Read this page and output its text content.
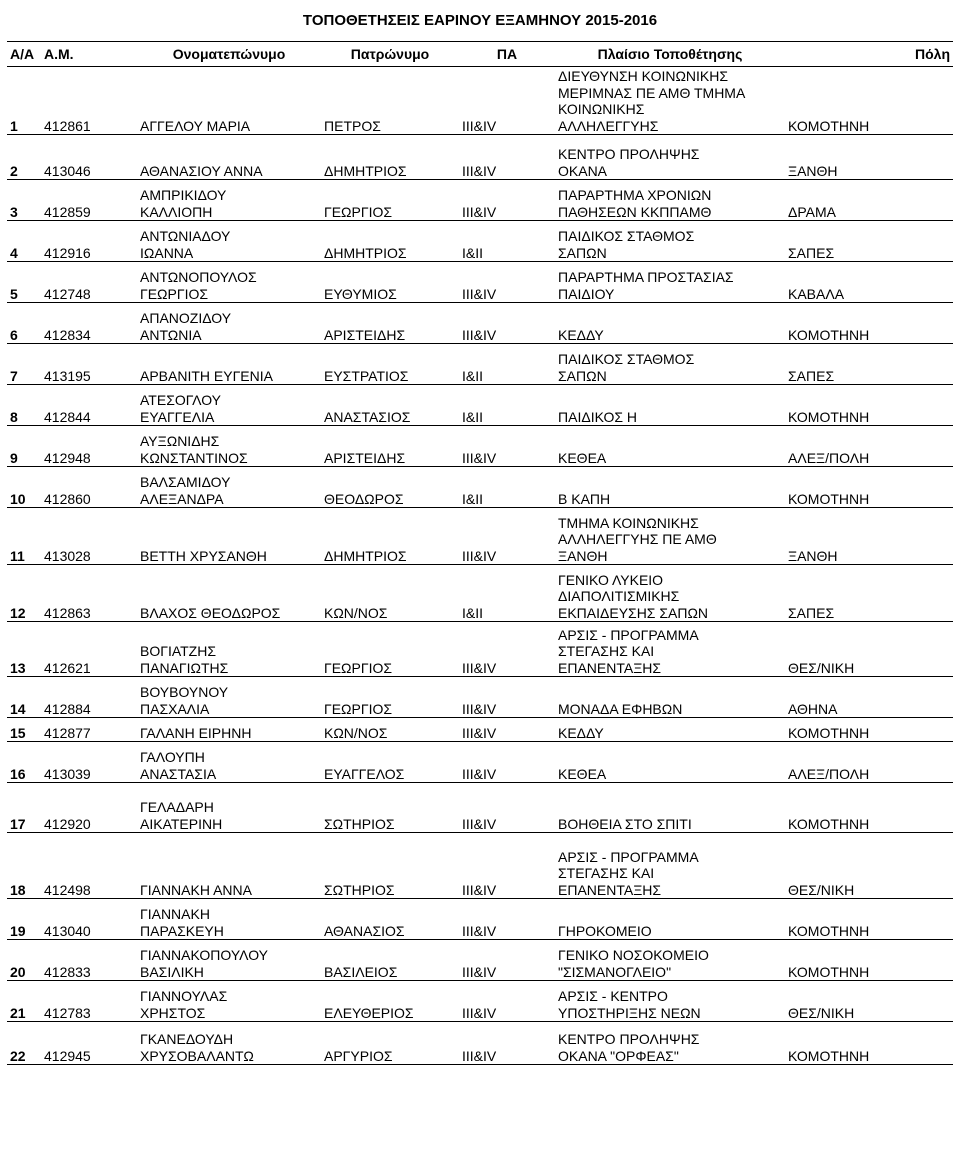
ΤΟΠΟΘΕΤΗΣΕΙΣ ΕΑΡΙΝΟΥ ΕΞΑΜΗΝΟΥ 2015-2016
Α/Α	Α.Μ.	Ονοματεπώνυμο	Πατρώνυμο	ΠΑ	Πλαίσιο Τοποθέτησης	Πόλη
1	412861	ΑΓΓΕΛΟΥ ΜΑΡΙΑ	ΠΕΤΡΟΣ	III&IV	ΔΙΕΥΘΥΝΣΗ ΚΟΙΝΩΝΙΚΗΣ
ΜΕΡΙΜΝΑΣ ΠΕ ΑΜΘ ΤΜΗΜΑ
ΚΟΙΝΩΝΙΚΗΣ
ΑΛΛΗΛΕΓΓΥΗΣ	ΚΟΜΟΤΗΝΗ
2	413046	ΑΘΑΝΑΣΙΟΥ ΑΝΝΑ	ΔΗΜΗΤΡΙΟΣ	III&IV	ΚΕΝΤΡΟ ΠΡΟΛΗΨΗΣ
ΟΚΑΝΑ	ΞΑΝΘΗ
3	412859	ΑΜΠΡΙΚΙΔΟΥ
ΚΑΛΛΙΟΠΗ	ΓΕΩΡΓΙΟΣ	III&IV	ΠΑΡΑΡΤΗΜΑ ΧΡΟΝΙΩΝ
ΠΑΘΗΣΕΩΝ ΚΚΠΠΑΜΘ	ΔΡΑΜΑ
4	412916	ΑΝΤΩΝΙΑΔΟΥ
ΙΩΑΝΝΑ	ΔΗΜΗΤΡΙΟΣ	I&II	ΠΑΙΔΙΚΟΣ ΣΤΑΘΜΟΣ
ΣΑΠΩΝ	ΣΑΠΕΣ
5	412748	ΑΝΤΩΝΟΠΟΥΛΟΣ
ΓΕΩΡΓΙΟΣ	ΕΥΘΥΜΙΟΣ	III&IV	ΠΑΡΑΡΤΗΜΑ ΠΡΟΣΤΑΣΙΑΣ
ΠΑΙΔΙΟΥ	ΚΑΒΑΛΑ
6	412834	ΑΠΑΝΟΖΙΔΟΥ
ΑΝΤΩΝΙΑ	ΑΡΙΣΤΕΙΔΗΣ	III&IV	ΚΕΔΔΥ	ΚΟΜΟΤΗΝΗ
7	413195	ΑΡΒΑΝΙΤΗ ΕΥΓΕΝΙΑ	ΕΥΣΤΡΑΤΙΟΣ	I&II	ΠΑΙΔΙΚΟΣ ΣΤΑΘΜΟΣ
ΣΑΠΩΝ	ΣΑΠΕΣ
8	412844	ΑΤΕΣΟΓΛΟΥ
ΕΥΑΓΓΕΛΙΑ	ΑΝΑΣΤΑΣΙΟΣ	I&II	ΠΑΙΔΙΚΟΣ Η	ΚΟΜΟΤΗΝΗ
9	412948	ΑΥΞΩΝΙΔΗΣ
ΚΩΝΣΤΑΝΤΙΝΟΣ	ΑΡΙΣΤΕΙΔΗΣ	III&IV	ΚΕΘΕΑ	ΑΛΕΞ/ΠΟΛΗ
10	412860	ΒΑΛΣΑΜΙΔΟΥ
ΑΛΕΞΑΝΔΡΑ	ΘΕΟΔΩΡΟΣ	I&II	Β ΚΑΠΗ	ΚΟΜΟΤΗΝΗ
11	413028	ΒΕΤΤΗ ΧΡΥΣΑΝΘΗ	ΔΗΜΗΤΡΙΟΣ	III&IV	ΤΜΗΜΑ ΚΟΙΝΩΝΙΚΗΣ
ΑΛΛΗΛΕΓΓΥΗΣ ΠΕ ΑΜΘ
ΞΑΝΘΗ	ΞΑΝΘΗ
12	412863	ΒΛΑΧΟΣ ΘΕΟΔΩΡΟΣ	ΚΩΝ/ΝΟΣ	I&II	ΓΕΝΙΚΟ ΛΥΚΕΙΟ
ΔΙΑΠΟΛΙΤΙΣΜΙΚΗΣ
ΕΚΠΑΙΔΕΥΣΗΣ ΣΑΠΩΝ	ΣΑΠΕΣ
13	412621	ΒΟΓΙΑΤΖΗΣ
ΠΑΝΑΓΙΩΤΗΣ	ΓΕΩΡΓΙΟΣ	III&IV	ΑΡΣΙΣ - ΠΡΟΓΡΑΜΜΑ
ΣΤΕΓΑΣΗΣ ΚΑΙ
ΕΠΑΝΕΝΤΑΞΗΣ	ΘΕΣ/ΝΙΚΗ
14	412884	ΒΟΥΒΟΥΝΟΥ
ΠΑΣΧΑΛΙΑ	ΓΕΩΡΓΙΟΣ	III&IV	ΜΟΝΑΔΑ ΕΦΗΒΩΝ	ΑΘΗΝΑ
15	412877	ΓΑΛΑΝΗ ΕΙΡΗΝΗ	ΚΩΝ/ΝΟΣ	III&IV	ΚΕΔΔΥ	ΚΟΜΟΤΗΝΗ
16	413039	ΓΑΛΟΥΠΗ
ΑΝΑΣΤΑΣΙΑ	ΕΥΑΓΓΕΛΟΣ	III&IV	ΚΕΘΕΑ	ΑΛΕΞ/ΠΟΛΗ
17	412920	ΓΕΛΑΔΑΡΗ
ΑΙΚΑΤΕΡΙΝΗ	ΣΩΤΗΡΙΟΣ	III&IV	ΒΟΗΘΕΙΑ ΣΤΟ ΣΠΙΤΙ	ΚΟΜΟΤΗΝΗ
18	412498	ΓΙΑΝΝΑΚΗ ΑΝΝΑ	ΣΩΤΗΡΙΟΣ	III&IV	ΑΡΣΙΣ - ΠΡΟΓΡΑΜΜΑ
ΣΤΕΓΑΣΗΣ ΚΑΙ
ΕΠΑΝΕΝΤΑΞΗΣ	ΘΕΣ/ΝΙΚΗ
19	413040	ΓΙΑΝΝΑΚΗ
ΠΑΡΑΣΚΕΥΗ	ΑΘΑΝΑΣΙΟΣ	III&IV	ΓΗΡΟΚΟΜΕΙΟ	ΚΟΜΟΤΗΝΗ
20	412833	ΓΙΑΝΝΑΚΟΠΟΥΛΟΥ
ΒΑΣΙΛΙΚΗ	ΒΑΣΙΛΕΙΟΣ	III&IV	ΓΕΝΙΚΟ ΝΟΣΟΚΟΜΕΙΟ
"ΣΙΣΜΑΝΟΓΛΕΙΟ"	ΚΟΜΟΤΗΝΗ
21	412783	ΓΙΑΝΝΟΥΛΑΣ
ΧΡΗΣΤΟΣ	ΕΛΕΥΘΕΡΙΟΣ	III&IV	ΑΡΣΙΣ - ΚΕΝΤΡΟ
ΥΠΟΣΤΗΡΙΞΗΣ ΝΕΩΝ	ΘΕΣ/ΝΙΚΗ
22	412945	ΓΚΑΝΕΔΟΥΔΗ
ΧΡΥΣΟΒΑΛΑΝΤΩ	ΑΡΓΥΡΙΟΣ	III&IV	ΚΕΝΤΡΟ ΠΡΟΛΗΨΗΣ
ΟΚΑΝΑ "ΟΡΦΕΑΣ"	ΚΟΜΟΤΗΝΗ
